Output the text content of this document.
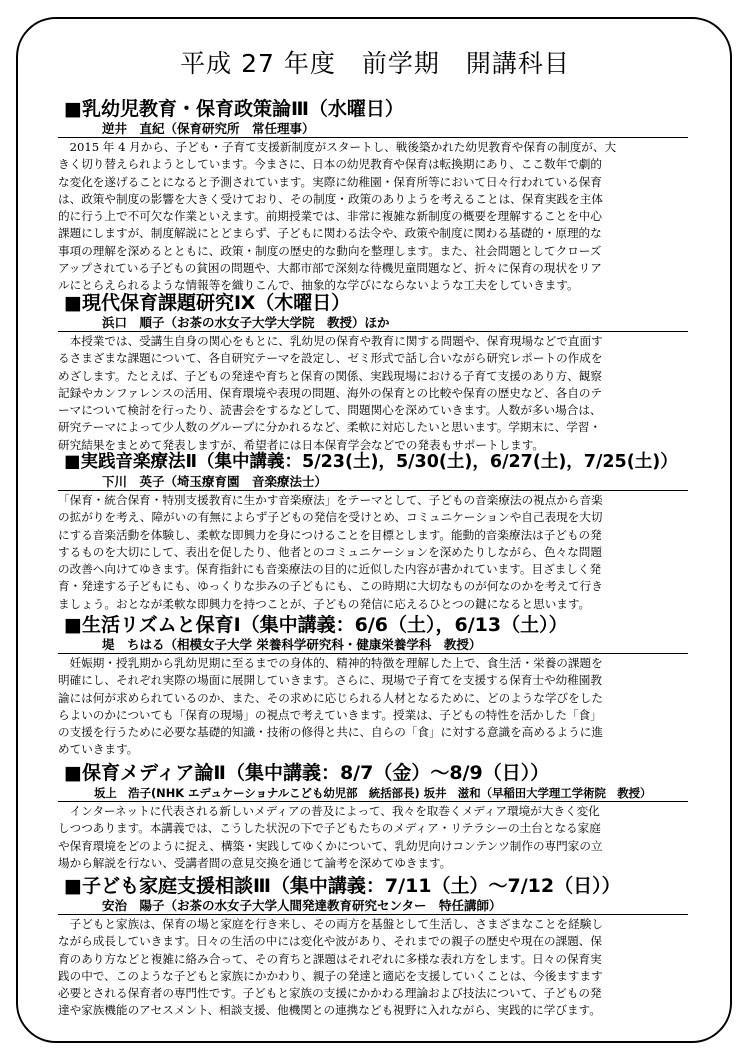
平成 27 年度　前学期　開講科目
■乳幼児教育・保育政策論Ⅲ（水曜日）
逆井　直紀（保育研究所　常任理事）
　2015 年 4 月から、子ども・子育て支援新制度がスタートし、戦後築かれた幼児教育や保育の制度が、大
きく切り替えられようとしています。今まさに、日本の幼児教育や保育は転換期にあり、ここ数年で劇的
な変化を遂げることになると予測されています。実際に幼稚園・保育所等において日々行われている保育
は、政策や制度の影響を大きく受けており、その制度・政策のありようを考えることは、保育実践を主体
的に行う上で不可欠な作業といえます。前期授業では、非常に複雑な新制度の概要を理解することを中心
課題にしますが、制度解説にとどまらず、子どもに関わる法令や、政策や制度に関わる基礎的・原理的な
事項の理解を深めるとともに、政策・制度の歴史的な動向を整理します。また、社会問題としてクローズ
アップされている子どもの貧困の問題や、大都市部で深刻な待機児童問題など、折々に保育の現状をリア
ルにとらえられるような情報等を織りこんで、抽象的な学びにならないような工夫をしていきます。
■現代保育課題研究Ⅸ（木曜日）
浜口　順子（お茶の水女子大学大学院　教授）ほか
　本授業では、受講生自身の関心をもとに、乳幼児の保育や教育に関する問題や、保育現場などで直面す
るさまざまな課題について、各自研究テーマを設定し、ゼミ形式で話し合いながら研究レポートの作成を
めざします。たとえば、子どもの発達や育ちと保育の関係、実践現場における子育て支援のあり方、観察
記録やカンファレンスの活用、保育環境や表現の問題、海外の保育との比較や保育の歴史など、各自のテ
ーマについて検討を行ったり、読書会をするなどして、問題関心を深めていきます。人数が多い場合は、
研究テーマによって少人数のグループに分かれるなど、柔軟に対応したいと思います。学期末に、学習・
研究結果をまとめて発表しますが、希望者には日本保育学会などでの発表もサポートします。
■実践音楽療法Ⅱ（集中講義：5/23(土)，5/30(土)，6/27(土)，7/25(土)）
下川　英子（埼玉療育園　音楽療法士）
「保育・統合保育・特別支援教育に生かす音楽療法」をテーマとして、子どもの音楽療法の視点から音楽
の拡がりを考え、障がいの有無によらず子どもの発信を受けとめ、コミュニケーションや自己表現を大切
にする音楽活動を体験し、柔軟な即興力を身につけることを目標とします。能動的音楽療法は子どもの発
するものを大切にして、表出を促したり、他者とのコミュニケーションを深めたりしながら、色々な問題
の改善へ向けてゆきます。保育指針にも音楽療法の目的に近似した内容が書かれています。目ざましく発
育・発達する子どもにも、ゆっくりな歩みの子どもにも、この時期に大切なものが何なのかを考えて行き
ましょう。おとなが柔軟な即興力を持つことが、子どもの発信に応えるひとつの鍵になると思います。
■生活リズムと保育Ⅰ（集中講義：6/6（土），6/13（土））
堤　ちはる（相模女子大学 栄養科学研究科・健康栄養学科　教授）
　妊娠期・授乳期から乳幼児期に至るまでの身体的、精神的特徴を理解した上で、食生活・栄養の課題を
明確にし、それぞれ実際の場面に展開していきます。さらに、現場で子育てを支援する保育士や幼稚園教
諭には何が求められているのか、また、その求めに応じられる人材となるために、どのような学びをした
らよいのかについても「保育の現場」の視点で考えていきます。授業は、子どもの特性を活かした「食」
の支援を行うために必要な基礎的知識・技術の修得と共に、自らの「食」に対する意識を高めるように進
めていきます。
■保育メディア論Ⅱ（集中講義：8/7（金）～8/9（日））
坂上　浩子(NHK エデュケーショナルこども幼児部　統括部長) 坂井　滋和（早稲田大学理工学術院　教授）
　インターネットに代表される新しいメディアの普及によって、我々を取巻くメディア環境が大きく変化
しつつあります。本講義では、こうした状況の下で子どもたちのメディア・リテラシーの土台となる家庭
や保育環境をどのように捉え、構築・実践してゆくかについて、乳幼児向けコンテンツ制作の専門家の立
場から解説を行ない、受講者間の意見交換を通じて論考を深めてゆきます。
■子ども家庭支援相談Ⅲ（集中講義：7/11（土）～7/12（日））
安治　陽子（お茶の水女子大学人間発達教育研究センター　特任講師）
　子どもと家族は、保育の場と家庭を行き来し、その両方を基盤として生活し、さまざまなことを経験し
ながら成長していきます。日々の生活の中には変化や波があり、それまでの親子の歴史や現在の課題、保
育のあり方などと複雑に絡み合って、その育ちと課題はそれぞれに多様な表れ方をします。日々の保育実
践の中で、このような子どもと家族にかかわり、親子の発達と適応を支援していくことは、今後ますます
必要とされる保育者の専門性です。子どもと家族の支援にかかわる理論および技法について、子どもの発
達や家族機能のアセスメント、相談支援、他機関との連携なども視野に入れながら、実践的に学びます。
